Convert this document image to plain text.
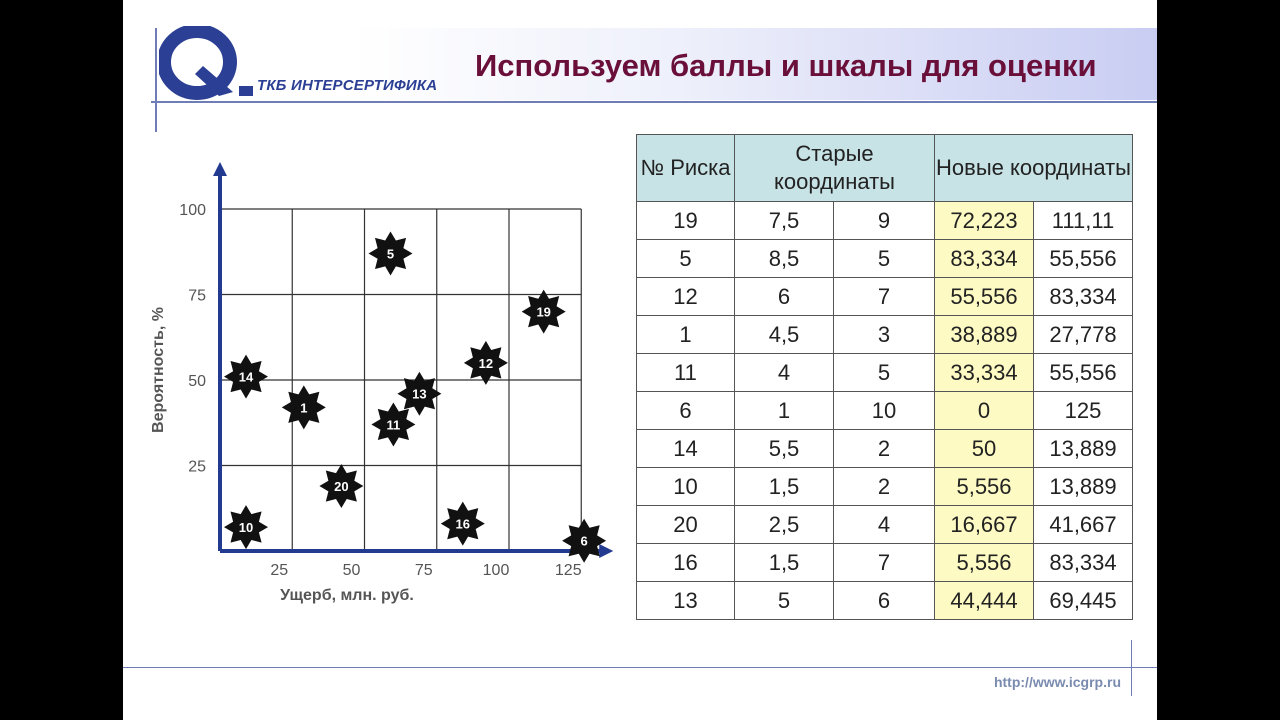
ТКБ ИНТЕРСЕРТИФИКА
Используем баллы и шкалы для оценки
25	50	75	100	125
25
50
75
100
5
19
12
14
13
1
11
20
16
10
6
Ущерб, млн. руб.
Вероятность, %
№ Риска	Старые координаты		Новые координаты	
19	7,5	9	72,223	111,11
5	8,5	5	83,334	55,556
12	6	7	55,556	83,334
1	4,5	3	38,889	27,778
11	4	5	33,334	55,556
6	1	10	0	125
14	5,5	2	50	13,889
10	1,5	2	5,556	13,889
20	2,5	4	16,667	41,667
16	1,5	7	5,556	83,334
13	5	6	44,444	69,445
http://www.icgrp.ru
